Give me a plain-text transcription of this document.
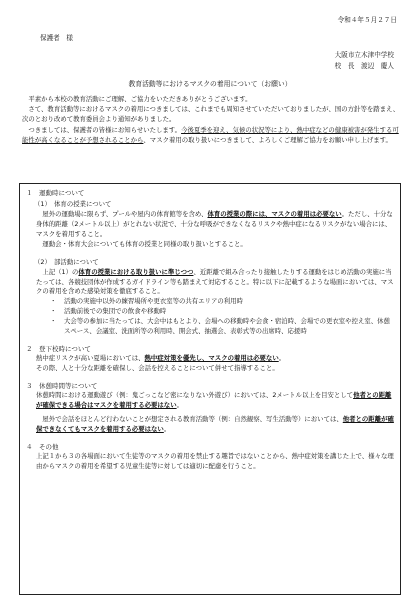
令和４年５月２７日
保護者　様
大阪市立木津中学校
校　長　渡辺　慶人
教育活動等におけるマスクの着用について（お願い）

平素から本校の教育活動にご理解、ご協力をいただきありがとうございます。

さて、教育活動等におけるマスクの着用につきましては、これまでも周知させていただいておりましたが、国の方針等を踏まえ、次のとおり改めて教育委員会より通知がありました。

つきましては、保護者の皆様にお知らせいたします。今後夏季を迎え、気候の状況等により、熱中症などの健康被害が発生する可能性が高くなることが予想されることから、マスク着用の取り扱いにつきまして、よろしくご理解ご協力をお願い申し上げます。

１　運動時について
（1）　体育の授業について
屋外の運動場に限らず、プールや屋内の体育館等を含め、体育の授業の際には、マスクの着用は必要ない。ただし、十分な身体的距離（2メートル以上）がとれない状況で、十分な呼吸ができなくなるリスクや熱中症になるリスクがない場合には、マスクを着用すること。
運動会・体育大会についても体育の授業と同様の取り扱いとすること。
（2）　部活動について
上記（1）の体育の授業における取り扱いに準じつつ、近距離で組み合ったり接触したりする運動をはじめ活動の実施に当たっては、各競技団体が作成するガイドライン等も踏まえて対応すること。特に以下に記載するような場面においては、マスクの着用を含めた感染対策を徹底すること。
・ 活動の実施中以外の練習場所や更衣室等の共有エリアの利用時
・ 活動前後での集団での飲食や移動時
・ 大会等の参加に当たっては、大会中はもとより、会場への移動時や会食・宿泊時、会場での更衣室や控え室、休憩スペース、会議室、洗面所等の利用時、開会式、抽選会、表彰式等の出席時、応援時
２　登下校時について
熱中症リスクが高い夏場においては、熱中症対策を優先し、マスクの着用は必要ない。
その際、人と十分な距離を確保し、会話を控えることについて併せて指導すること。
３　休憩時間等について
休憩時間における運動遊び（例：鬼ごっこなど密になりない外遊び）においては、2メートル以上を目安として他者との距離が確保できる場合はマスクを着用する必要はない。
屋外で会話をほとんど行わないことが想定される教育活動等（例：自然観察、写生活動等）においては、他者との距離が確保できなくてもマスクを着用する必要はない。
４　その他
上記１から３の各場面において生徒等のマスクの着用を禁止する趣旨ではないことから、熱中症対策を講じた上で、様々な理由からマスクの着用を希望する児童生徒等に対しては適切に配慮を行うこと。
